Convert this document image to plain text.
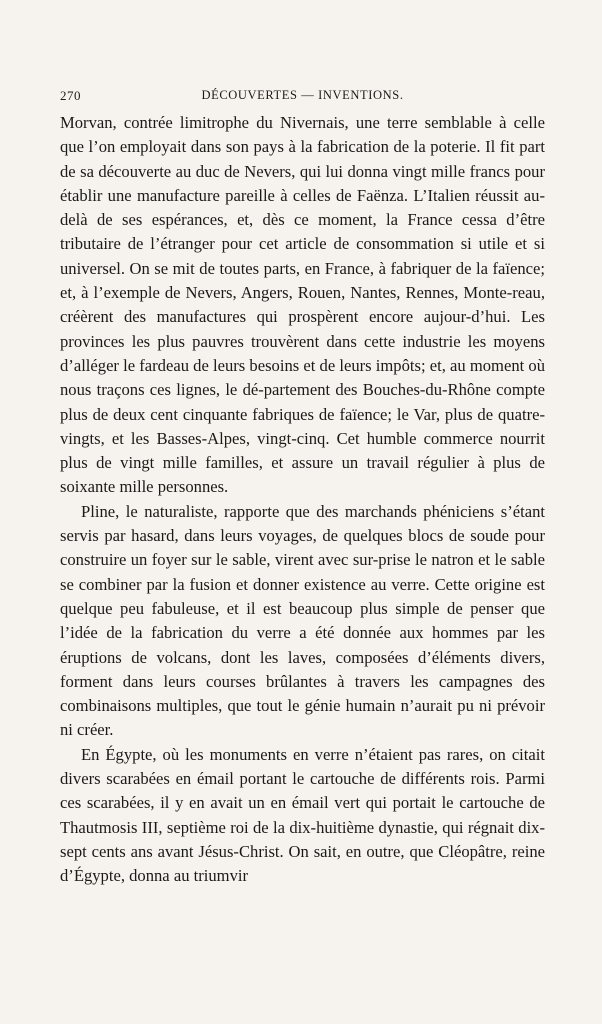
270	DÉCOUVERTES — INVENTIONS.

Morvan, contrée limitrophe du Nivernais, une terre semblable à celle que l’on employait dans son pays à la fabrication de la poterie. Il fit part de sa découverte au duc de Nevers, qui lui donna vingt mille francs pour établir une manufacture pareille à celles de Faënza. L’Italien réussit au-delà de ses espérances, et, dès ce moment, la France cessa d’être tributaire de l’étranger pour cet article de consommation si utile et si universel. On se mit de toutes parts, en France, à fabriquer de la faïence; et, à l’exemple de Nevers, Angers, Rouen, Nantes, Rennes, Monte-reau, créèrent des manufactures qui prospèrent encore aujour-d’hui. Les provinces les plus pauvres trouvèrent dans cette industrie les moyens d’alléger le fardeau de leurs besoins et de leurs impôts; et, au moment où nous traçons ces lignes, le dé-partement des Bouches-du-Rhône compte plus de deux cent cinquante fabriques de faïence; le Var, plus de quatre-vingts, et les Basses-Alpes, vingt-cinq. Cet humble commerce nourrit plus de vingt mille familles, et assure un travail régulier à plus de soixante mille personnes.

Pline, le naturaliste, rapporte que des marchands phéniciens s’étant servis par hasard, dans leurs voyages, de quelques blocs de soude pour construire un foyer sur le sable, virent avec sur-prise le natron et le sable se combiner par la fusion et donner existence au verre. Cette origine est quelque peu fabuleuse, et il est beaucoup plus simple de penser que l’idée de la fabrication du verre a été donnée aux hommes par les éruptions de volcans, dont les laves, composées d’éléments divers, forment dans leurs courses brûlantes à travers les campagnes des combinaisons multiples, que tout le génie humain n’aurait pu ni prévoir ni créer.

En Égypte, où les monuments en verre n’étaient pas rares, on citait divers scarabées en émail portant le cartouche de différents rois. Parmi ces scarabées, il y en avait un en émail vert qui portait le cartouche de Thautmosis III, septième roi de la dix-huitième dynastie, qui régnait dix-sept cents ans avant Jésus-Christ. On sait, en outre, que Cléopâtre, reine d’Égypte, donna au triumvir
